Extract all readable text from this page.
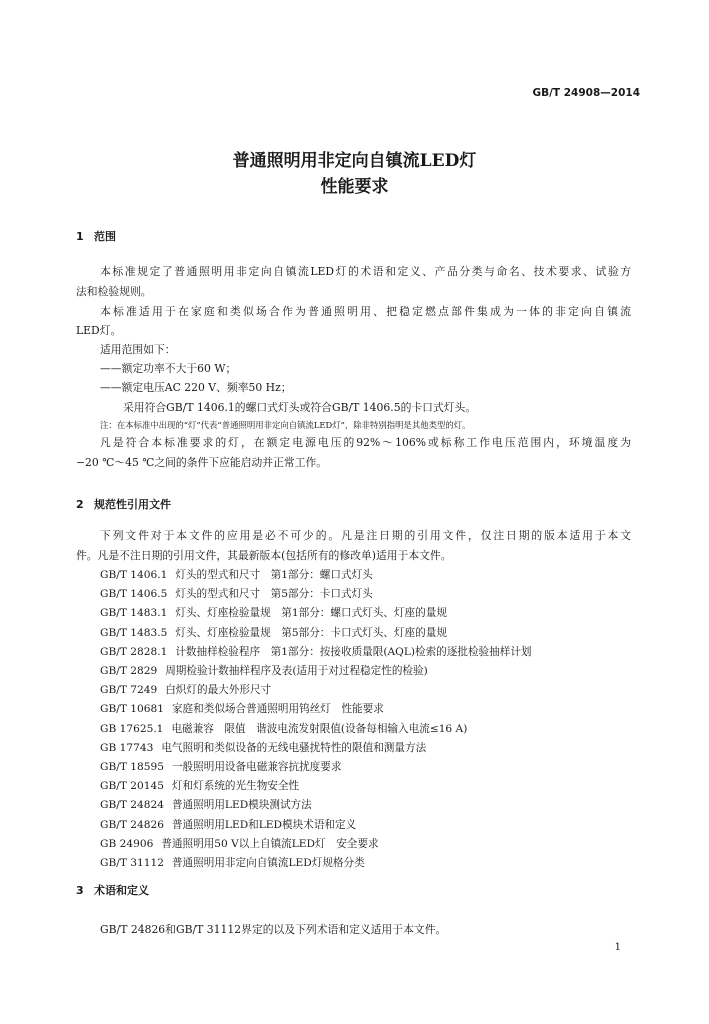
GB/T 24908—2014
普通照明用非定向自镇流LED灯
性能要求
1 范围
本标准规定了普通照明用非定向自镇流LED灯的术语和定义、产品分类与命名、技术要求、试验方
法和检验规则。
本标准适用于在家庭和类似场合作为普通照明用、把稳定燃点部件集成为一体的非定向自镇流
LED灯。
适用范围如下：
——额定功率不大于60 W；
——额定电压AC 220 V、频率50 Hz；
采用符合GB/T 1406.1的螺口式灯头或符合GB/T 1406.5的卡口式灯头。
注：在本标准中出现的“灯”代表“普通照明用非定向自镇流LED灯”，除非特别指明是其他类型的灯。
凡是符合本标准要求的灯，在额定电源电压的92%～106%或标称工作电压范围内，环境温度为
−20 ℃～45 ℃之间的条件下应能启动并正常工作。
2 规范性引用文件
下列文件对于本文件的应用是必不可少的。凡是注日期的引用文件，仅注日期的版本适用于本文
件。凡是不注日期的引用文件，其最新版本(包括所有的修改单)适用于本文件。
GB/T 1406.1 灯头的型式和尺寸　第1部分：螺口式灯头
GB/T 1406.5 灯头的型式和尺寸　第5部分：卡口式灯头
GB/T 1483.1 灯头、灯座检验量规　第1部分：螺口式灯头、灯座的量规
GB/T 1483.5 灯头、灯座检验量规　第5部分：卡口式灯头、灯座的量规
GB/T 2828.1 计数抽样检验程序　第1部分：按接收质量限(AQL)检索的逐批检验抽样计划
GB/T 2829 周期检验计数抽样程序及表(适用于对过程稳定性的检验)
GB/T 7249 白炽灯的最大外形尺寸
GB/T 10681 家庭和类似场合普通照明用钨丝灯　性能要求
GB 17625.1 电磁兼容　限值　谐波电流发射限值(设备每相输入电流≤16 A)
GB 17743 电气照明和类似设备的无线电骚扰特性的限值和测量方法
GB/T 18595 一般照明用设备电磁兼容抗扰度要求
GB/T 20145 灯和灯系统的光生物安全性
GB/T 24824 普通照明用LED模块测试方法
GB/T 24826 普通照明用LED和LED模块术语和定义
GB 24906 普通照明用50 V以上自镇流LED灯　安全要求
GB/T 31112 普通照明用非定向自镇流LED灯规格分类
3 术语和定义
GB/T 24826和GB/T 31112界定的以及下列术语和定义适用于本文件。
1
